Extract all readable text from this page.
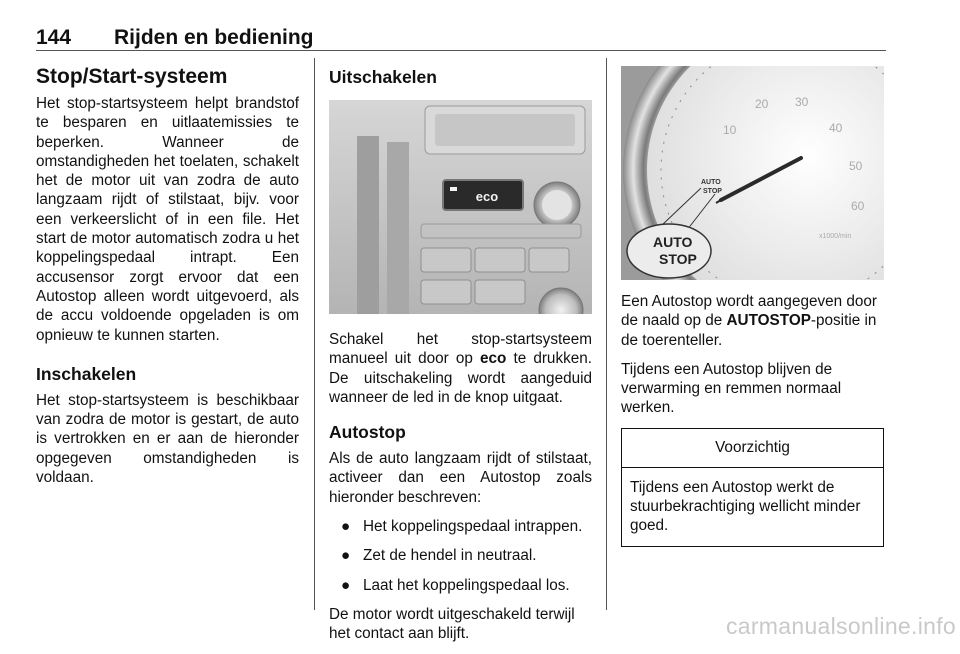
144 Rijden en bediening
Stop/Start-systeem

Het stop-startsysteem helpt brandstof te besparen en uitlaatemissies te beperken. Wanneer de omstandigheden het toelaten, schakelt het de motor uit van zodra de auto langzaam rijdt of stilstaat, bijv. voor een verkeerslicht of in een file. Het start de motor automatisch zodra u het koppelingspedaal intrapt. Een accusensor zorgt ervoor dat een Autostop alleen wordt uitgevoerd, als de accu voldoende opgeladen is om opnieuw te kunnen starten.

Inschakelen

Het stop-startsysteem is beschikbaar van zodra de motor is gestart, de auto is vertrokken en er aan de hieronder opgegeven omstandigheden is voldaan.

Uitschakelen
eco

Schakel het stop-startsysteem manueel uit door op eco te drukken. De uitschakeling wordt aangeduid wanneer de led in de knop uitgaat.

Autostop

Als de auto langzaam rijdt of stilstaat, activeer dan een Autostop zoals hieronder beschreven:

● Het koppelingspedaal intrappen.
● Zet de hendel in neutraal.
● Laat het koppelingspedaal los.

De motor wordt uitgeschakeld terwijl het contact aan blijft.

10
20 30
40
50
60
x1000/min
AUTO
STOP
AUTO
STOP

Een Autostop wordt aangegeven door de naald op de AUTOSTOP-positie in de toerenteller.

Tijdens een Autostop blijven de verwarming en remmen normaal werken.

Voorzichtig
Tijdens een Autostop werkt de stuurbekrachtiging wellicht minder goed.
carmanualsonline.info
